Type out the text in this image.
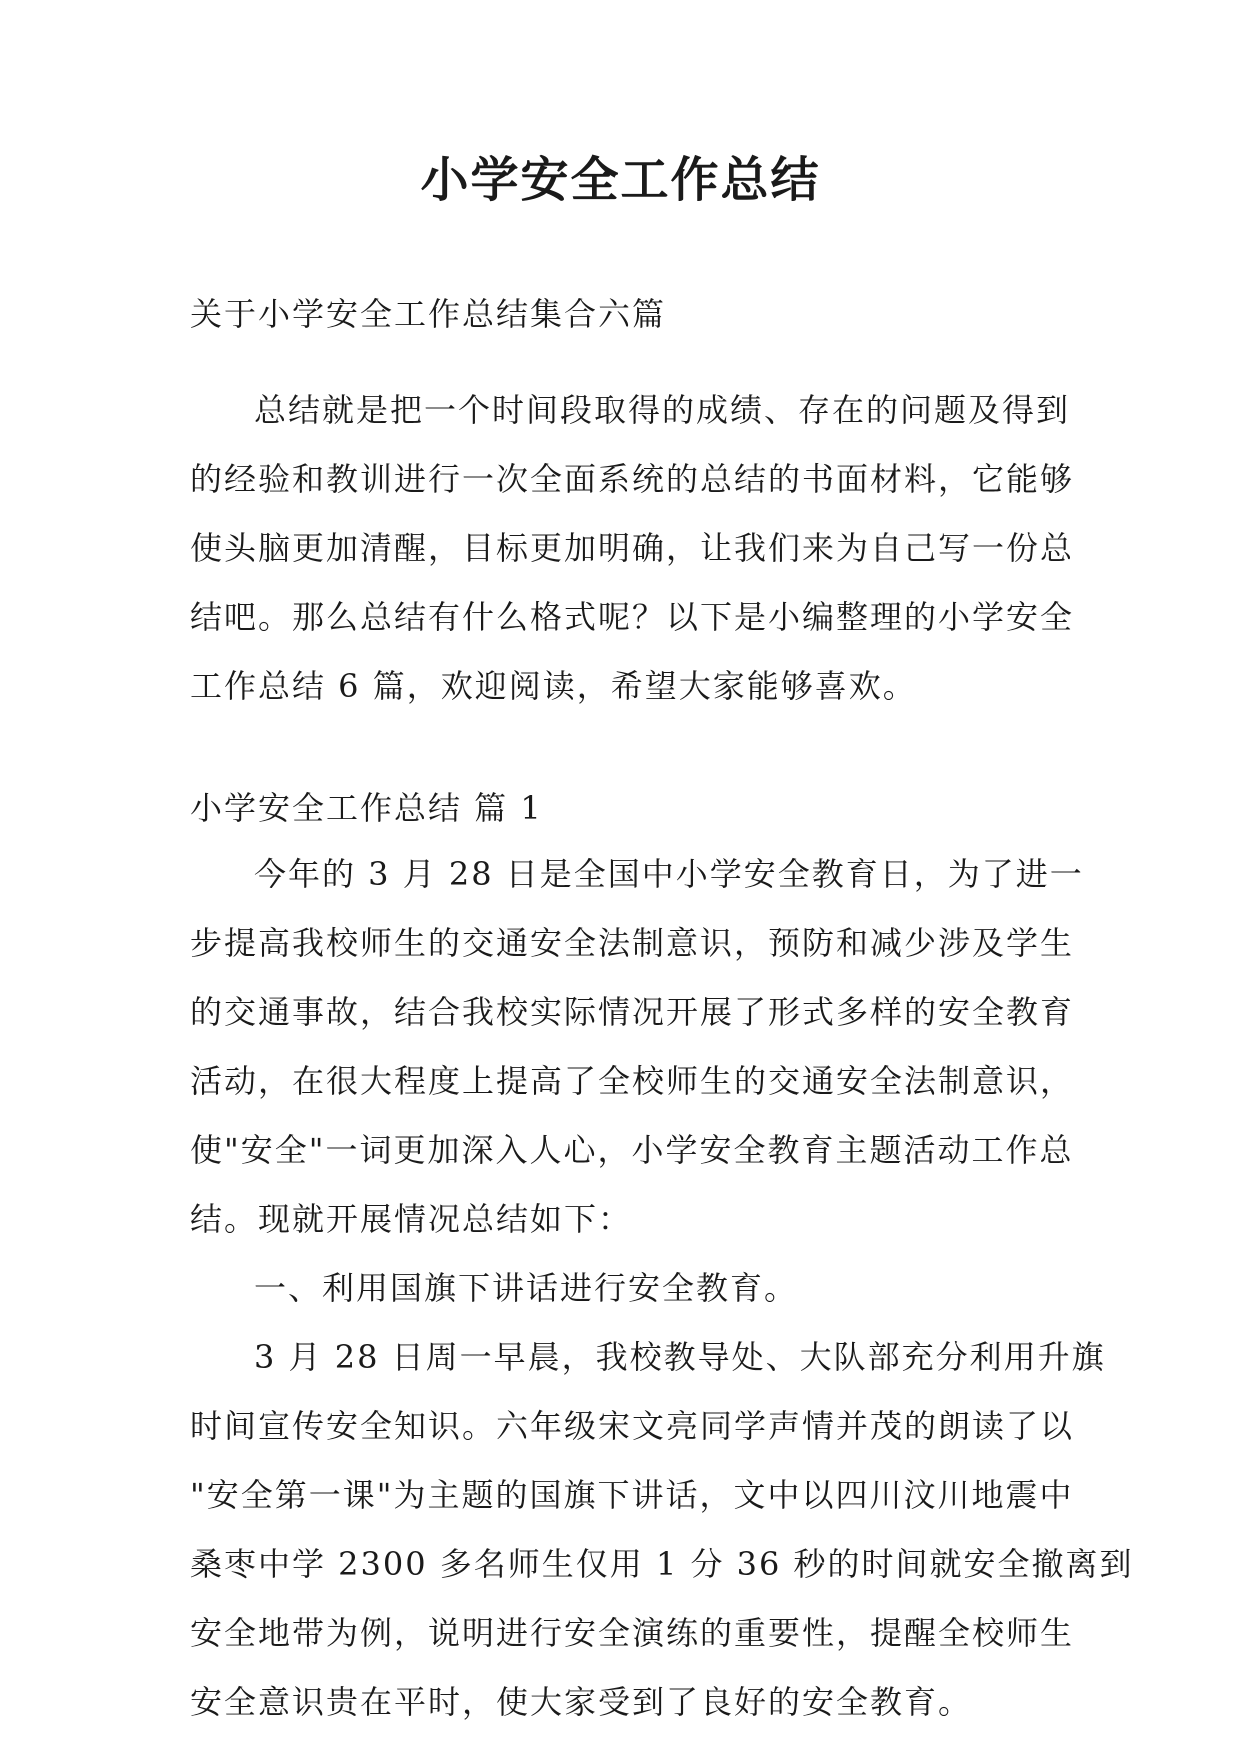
小学安全工作总结
关于小学安全工作总结集合六篇
总结就是把一个时间段取得的成绩、存在的问题及得到
的经验和教训进行一次全面系统的总结的书面材料，它能够
使头脑更加清醒，目标更加明确，让我们来为自己写一份总
结吧。那么总结有什么格式呢？以下是小编整理的小学安全
工作总结 6 篇，欢迎阅读，希望大家能够喜欢。
小学安全工作总结 篇 1
今年的 3 月 28 日是全国中小学安全教育日，为了进一
步提高我校师生的交通安全法制意识，预防和减少涉及学生
的交通事故，结合我校实际情况开展了形式多样的安全教育
活动，在很大程度上提高了全校师生的交通安全法制意识，
使"安全"一词更加深入人心，小学安全教育主题活动工作总
结。现就开展情况总结如下：
一、利用国旗下讲话进行安全教育。
3 月 28 日周一早晨，我校教导处、大队部充分利用升旗
时间宣传安全知识。六年级宋文亮同学声情并茂的朗读了以
"安全第一课"为主题的国旗下讲话，文中以四川汶川地震中
桑枣中学 2300 多名师生仅用 1 分 36 秒的时间就安全撤离到
安全地带为例，说明进行安全演练的重要性，提醒全校师生
安全意识贵在平时，使大家受到了良好的安全教育。
